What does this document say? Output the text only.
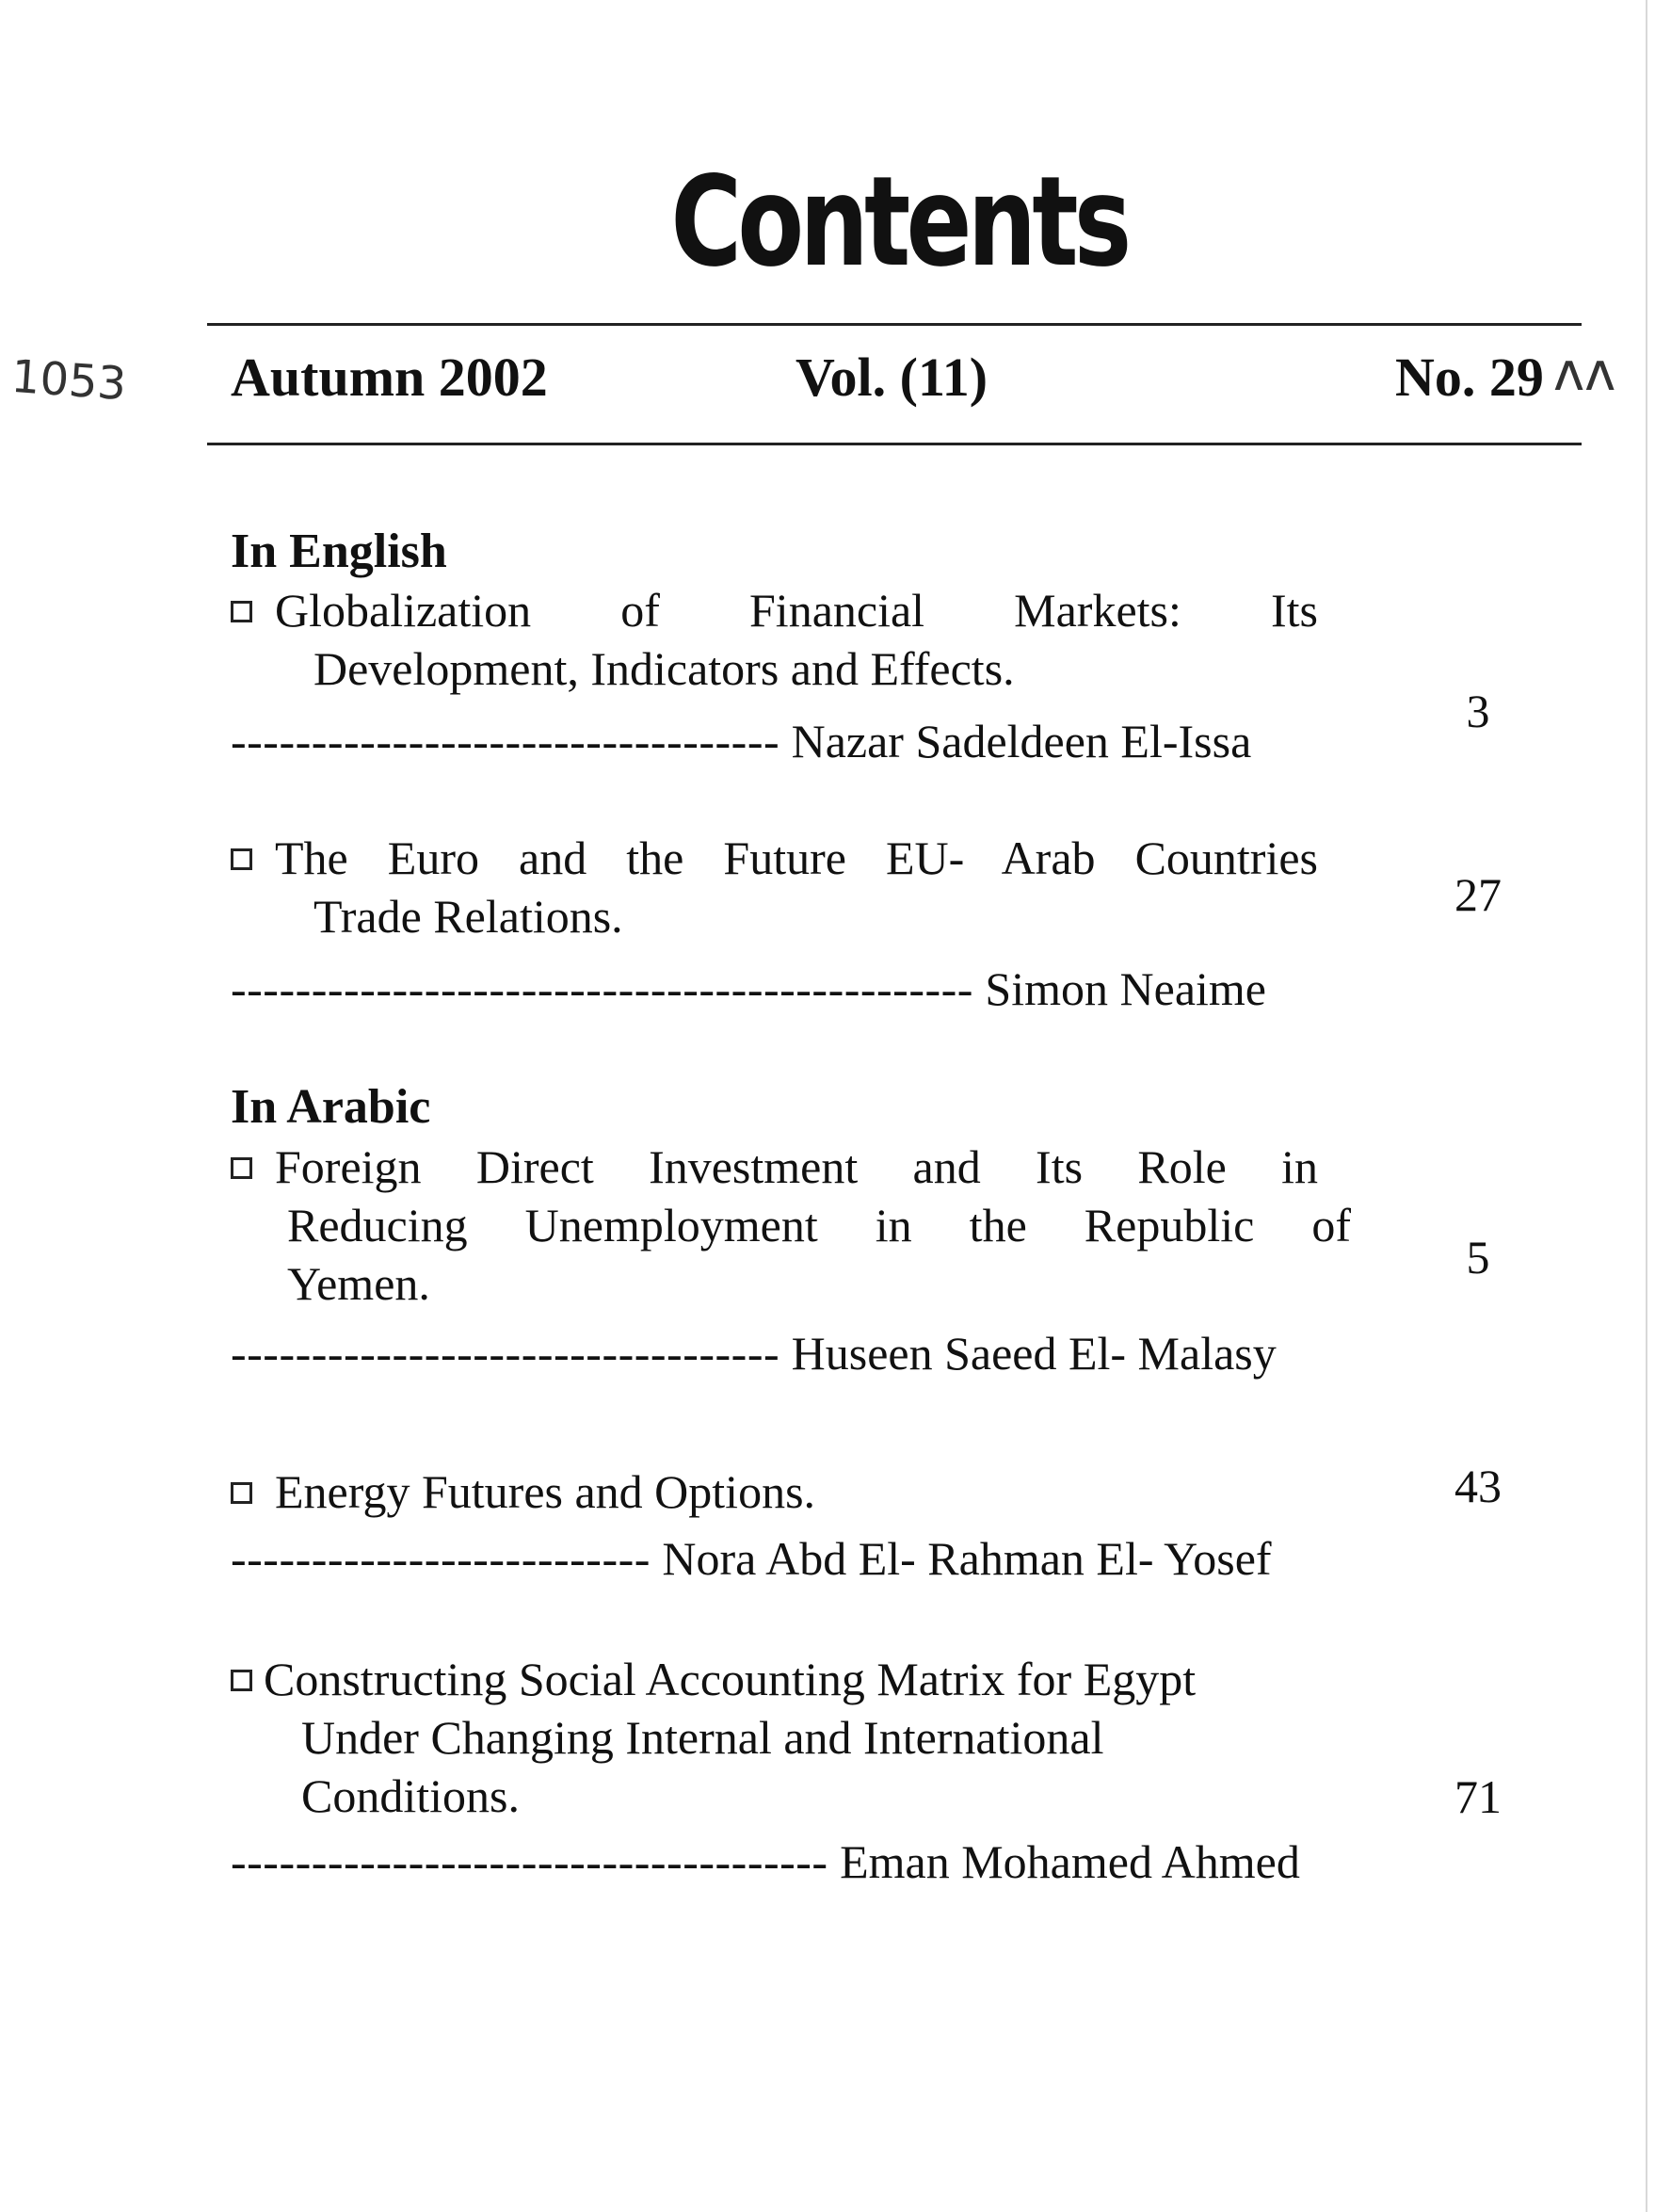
Contents
1053 Autumn 2002	Vol. (11)	No. 29 ʌʌ
In English
Globalization of Financial Markets: Its
Development, Indicators and Effects.
---------------------------------- Nazar Sadeldeen El-Issa
3
The Euro and the Future EU- Arab Countries
Trade Relations.
---------------------------------------------- Simon Neaime
27
In Arabic
Foreign Direct Investment and Its Role in
Reducing Unemployment in the Republic of
Yemen.
---------------------------------- Huseen Saeed El- Malasy
5
Energy Futures and Options.
-------------------------- Nora Abd El- Rahman El- Yosef
43
Constructing Social Accounting Matrix for Egypt
Under Changing Internal and International
Conditions.
------------------------------------- Eman Mohamed Ahmed
71
